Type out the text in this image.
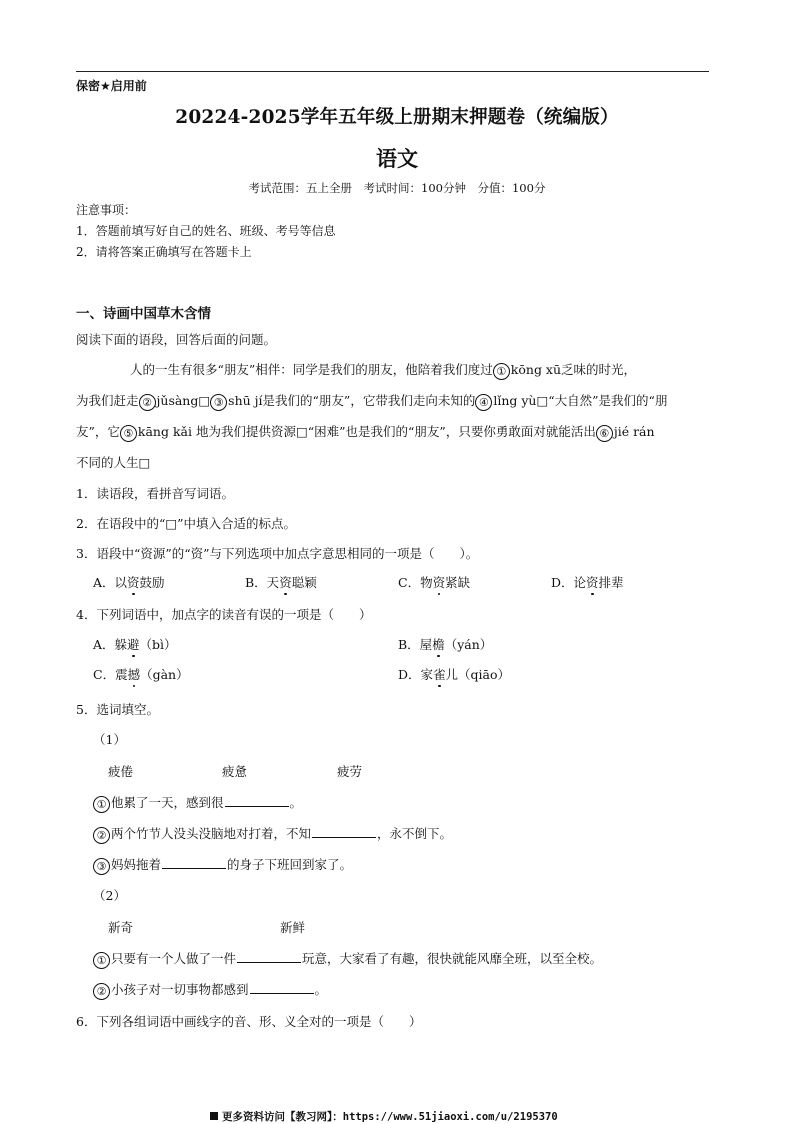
保密★启用前
20224-2025学年五年级上册期末押题卷（统编版）
语文
考试范围：五上全册　考试时间：100分钟　分值：100分
注意事项：
1．答题前填写好自己的姓名、班级、考号等信息
2．请将答案正确填写在答题卡上
一、诗画中国草木含情
阅读下面的语段，回答后面的问题。
人的一生有很多“朋友”相伴：同学是我们的朋友，他陪着我们度过 ① kōng xū乏味的时光，
为我们赶走 ② jǔsàng□ ③ shū jí是我们的“朋友”，它带我们走向未知的 ④ lǐng yù□“大自然”是我们的“朋
友”，它 ⑤ kāng kǎi 地为我们提供资源□“困难”也是我们的“朋友”，只要你勇敢面对就能活出 ⑥ jié rán
不同的人生□
1．读语段，看拼音写词语。
2．在语段中的“□”中填入合适的标点。
3．语段中“资源”的“资”与下列选项中加点字意思相同的一项是（　　）。
A．以资鼓励	B．天资聪颖	C．物资紧缺	D．论资排辈
4．下列词语中，加点字的读音有误的一项是（　　）
A．躲避（bì）	B．屋檐（yán）
C．震撼（gàn）	D．家雀儿（qiāo）
5．选词填空。
（1）
疲倦	疲惫	疲劳
① 他累了一天，感到很	。
② 两个竹节人没头没脑地对打着，不知	，永不倒下。
③ 妈妈拖着	的身子下班回到家了。
（2）
新奇	新鲜
① 只要有一个人做了一件	玩意，大家看了有趣，很快就能风靡全班，以至全校。
② 小孩子对一切事物都感到	。
6．下列各组词语中画线字的音、形、义全对的一项是（　　）
更多资料访问【教习网】：https://www.51jiaoxi.com/u/2195370
